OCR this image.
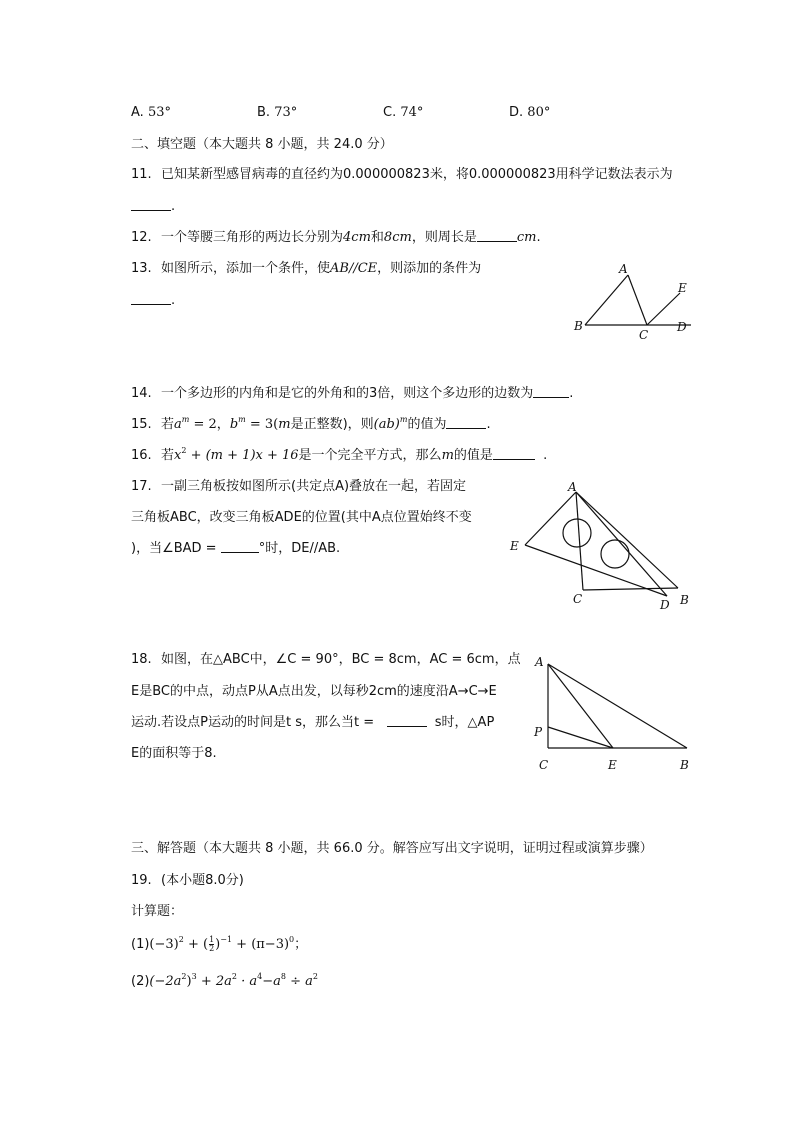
A. 53°	B. 73°	C. 74°	D. 80°
二、填空题（本大题共 8 小题，共 24.0 分）
11. 已知某新型感冒病毒的直径约为0.000000823米，将0.000000823用科学记数法表示为
.
12. 一个等腰三角形的两边长分别为4cm和8cm，则周长是	cm.
13. 如图所示，添加一个条件，使AB//CE，则添加的条件为
.
A
B
C
D
E
14. 一个多边形的内角和是它的外角和的3倍，则这个多边形的边数为	.
15. 若$a^m = 2$，$b^m = 3(m$是正整数)，则(ab)$^m$的值为	.
16. 若$x^2 + (m + 1)x + 16$是一个完全平方式，那么m的值是	.
17. 一副三角板按如图所示(共定点A)叠放在一起，若固定
三角板ABC，改变三角板ADE的位置(其中A点位置始终不变
)，当∠BAD =	°时，DE//AB.
A
E
C	D B
18. 如图，在△ABC中，∠C = 90°，BC = 8cm，AC = 6cm，点
E是BC的中点，动点P从A点出发，以每秒2cm的速度沿A→C→E
运动.若设点P运动的时间是t s，那么当t =	s时，△AP
E的面积等于8.
A
P
C	E	B
三、解答题（本大题共 8 小题，共 66.0 分。解答应写出文字说明，证明过程或演算步骤）
19. (本小题8.0分)
计算题：
$(1)(-3)^2$ + ( $\frac{1}{2} )^{-1} + (\pi-3)^0$；
$(2)(-2a^2)^3 + 2a^2 \cdot a^4-a^8 \div a^2$
